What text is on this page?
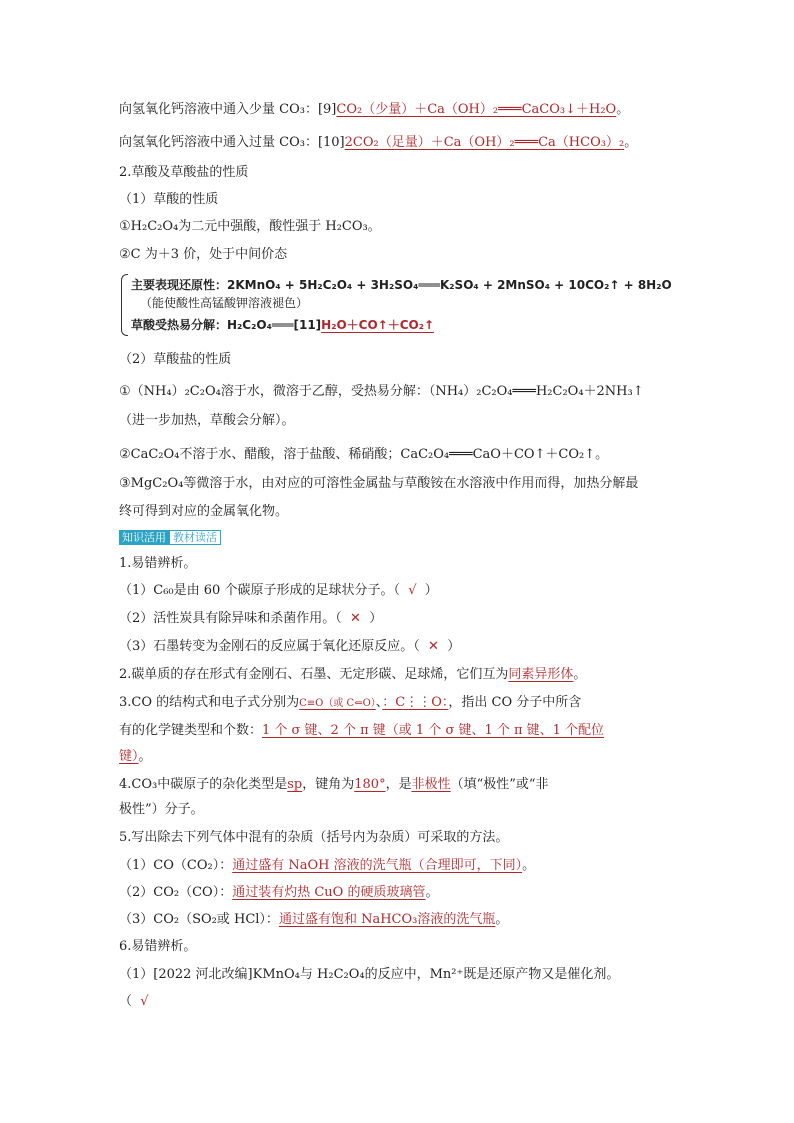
向氢氧化钙溶液中通入少量 CO₃：[9]CO₂（少量）＋Ca（OH）₂═══CaCO₃↓＋H₂O。
向氢氧化钙溶液中通入过量 CO₃：[10]2CO₂（足量）＋Ca（OH）₂═══Ca（HCO₃）₂。
2.草酸及草酸盐的性质
（1）草酸的性质
①H₂C₂O₄为二元中强酸，酸性强于 H₂CO₃。
②C 为＋3 价，处于中间价态
主要表现还原性：2KMnO₄ + 5H₂C₂O₄ + 3H₂SO₄═══K₂SO₄ + 2MnSO₄ + 10CO₂↑ + 8H₂O
（能使酸性高锰酸钾溶液褪色）
草酸受热易分解：H₂C₂O₄═══[11]H₂O＋CO↑＋CO₂↑
（2）草酸盐的性质
①（NH₄）₂C₂O₄溶于水，微溶于乙醇，受热易分解：（NH₄）₂C₂O₄═══H₂C₂O₄＋2NH₃↑
（进一步加热，草酸会分解）。
②CaC₂O₄不溶于水、醋酸，溶于盐酸、稀硝酸；CaC₂O₄═══CaO＋CO↑＋CO₂↑。
③MgC₂O₄等微溶于水，由对应的可溶性金属盐与草酸铵在水溶液中作用而得，加热分解最
终可得到对应的金属氧化物。
知识活用 教材读活
1.易错辨析。
（1）C₆₀是由 60 个碳原子形成的足球状分子。（ √ ）
（2）活性炭具有除异味和杀菌作用。（ ✕ ）
（3）石墨转变为金刚石的反应属于氧化还原反应。（ ✕ ）
2.碳单质的存在形式有金刚石、石墨、无定形碳、足球烯，它们互为同素异形体。
3.CO 的结构式和电子式分别为C≡O（或 C⇐O）、：C⋮⋮O：，指出 CO 分子中所含
有的化学键类型和个数：1 个 σ 键、2 个 π 键（或 1 个 σ 键、1 个 π 键、1 个配位
键）。
4.CO₃中碳原子的杂化类型是sp，键角为180°，是非极性（填“极性”或“非
极性”）分子。
5.写出除去下列气体中混有的杂质（括号内为杂质）可采取的方法。
（1）CO（CO₂）：通过盛有 NaOH 溶液的洗气瓶（合理即可，下同）。
（2）CO₂（CO）：通过装有灼热 CuO 的硬质玻璃管。
（3）CO₂（SO₂或 HCl）：通过盛有饱和 NaHCO₃溶液的洗气瓶。
6.易错辨析。
（1）[2022 河北改编]KMnO₄与 H₂C₂O₄的反应中，Mn²⁺既是还原产物又是催化剂。
（ √
